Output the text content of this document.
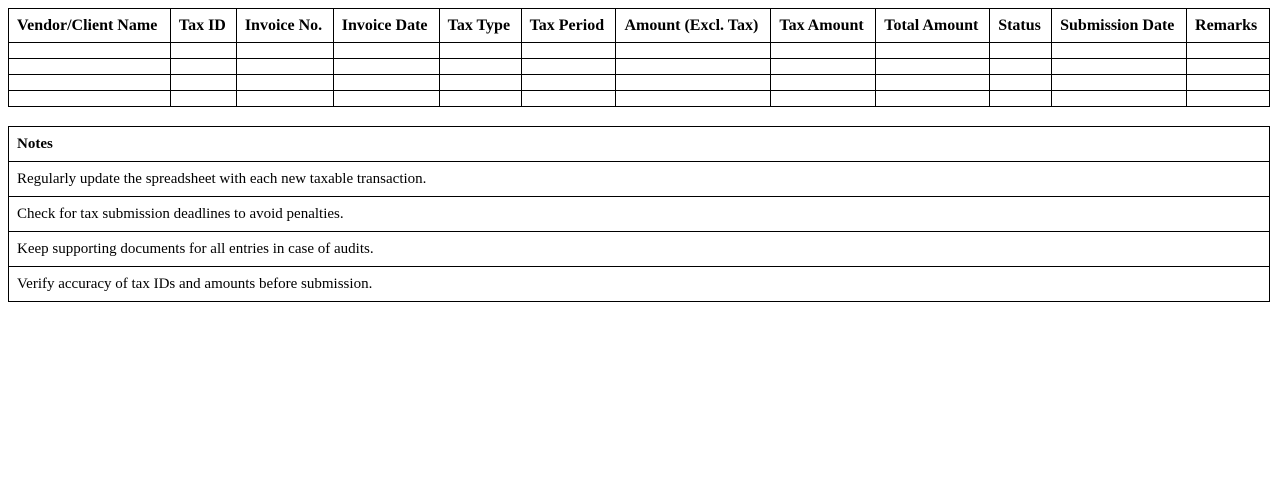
Vendor/Client Name	Tax ID	Invoice No.	Invoice Date	Tax Type	Tax Period	Amount (Excl. Tax)	Tax Amount	Total Amount	Status	Submission Date	Remarks

Notes
Regularly update the spreadsheet with each new taxable transaction.
Check for tax submission deadlines to avoid penalties.
Keep supporting documents for all entries in case of audits.
Verify accuracy of tax IDs and amounts before submission.
